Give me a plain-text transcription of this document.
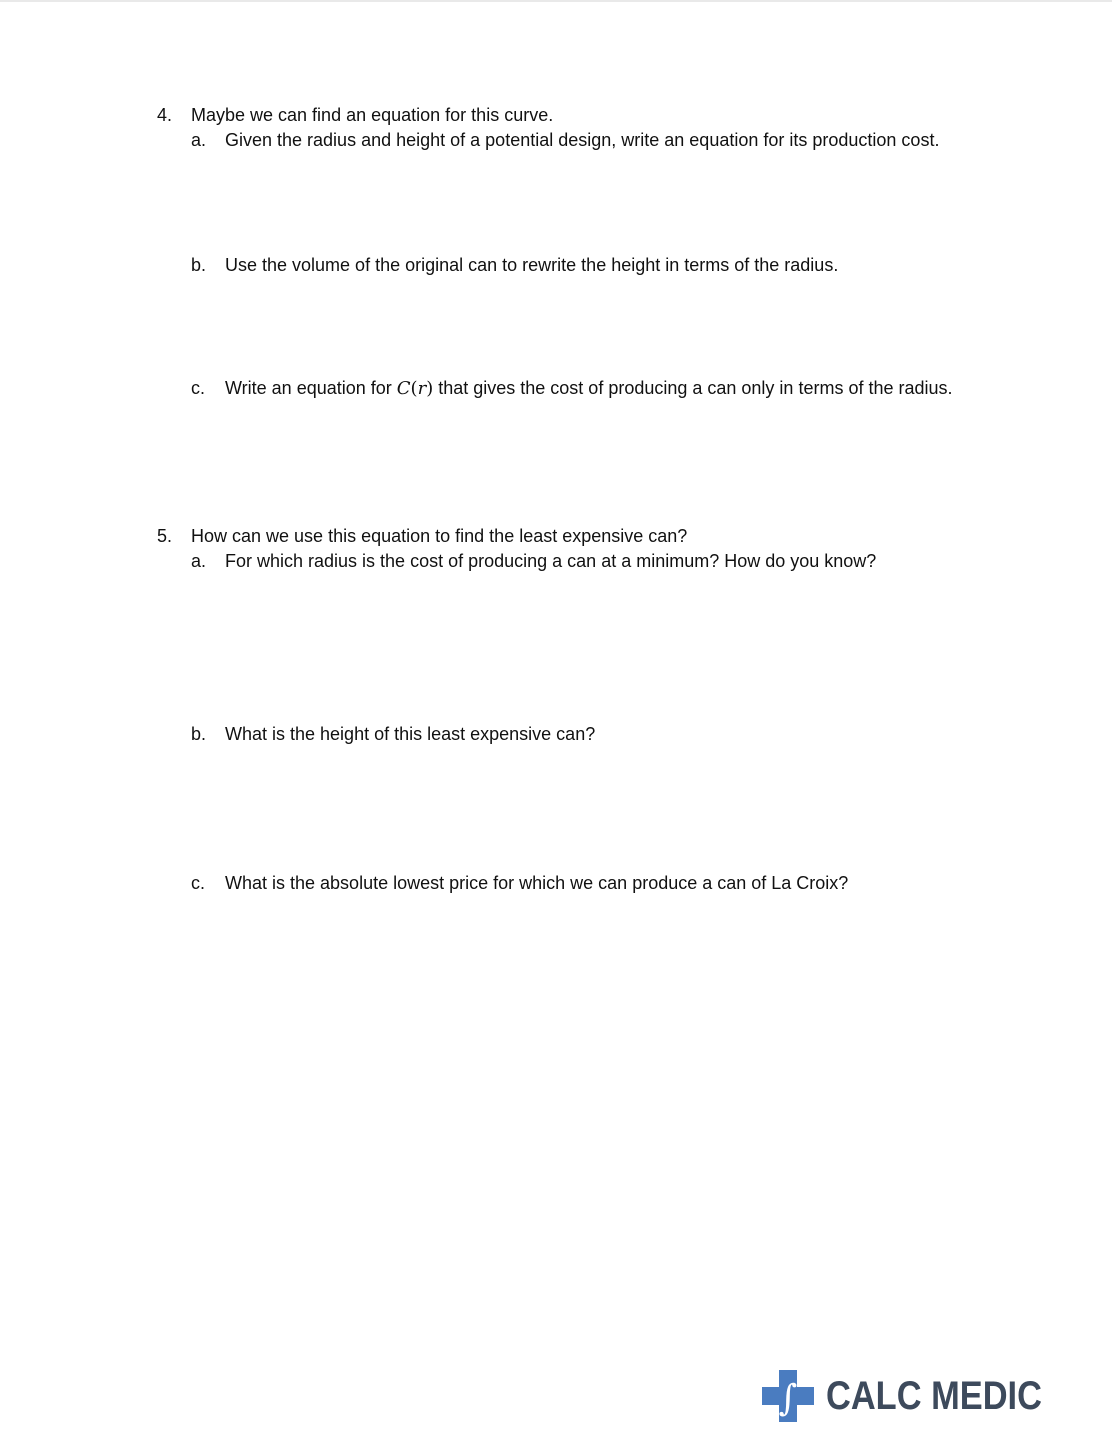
4. Maybe we can find an equation for this curve.
a. Given the radius and height of a potential design, write an equation for its production cost.
b. Use the volume of the original can to rewrite the height in terms of the radius.
c. Write an equation for C(r) that gives the cost of producing a can only in terms of the radius.
5. How can we use this equation to find the least expensive can?
a. For which radius is the cost of producing a can at a minimum? How do you know?
b. What is the height of this least expensive can?
c. What is the absolute lowest price for which we can produce a can of La Croix?
∫ CALC MEDIC
